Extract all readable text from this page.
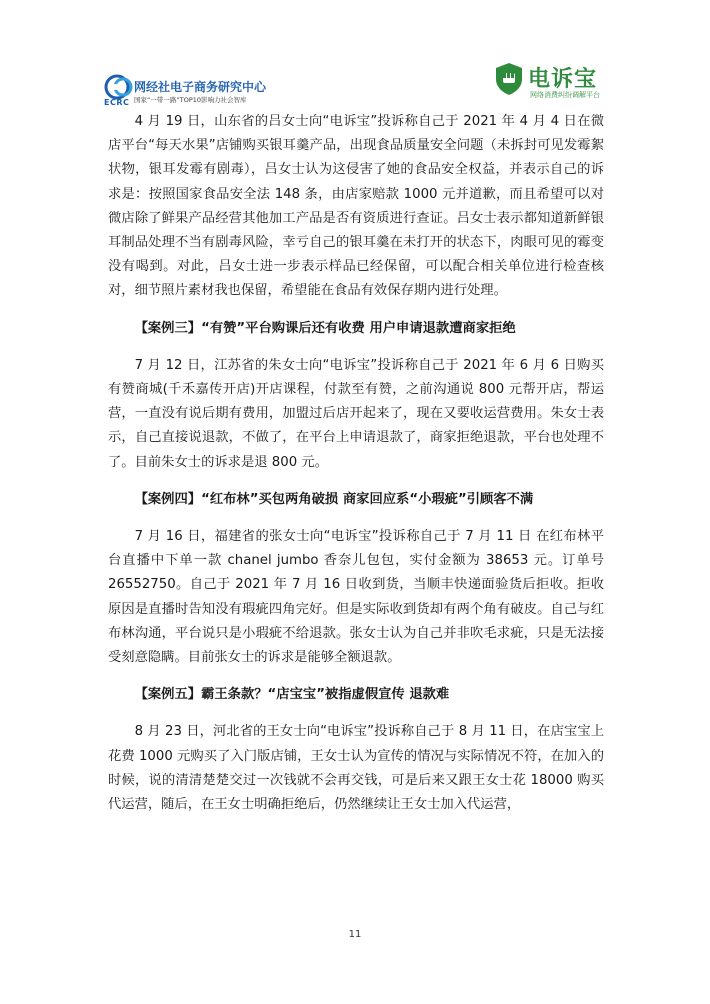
ECRC
网经社电子商务研究中心
国家“一带一路”TOP10影响力社会智库
电诉宝
网络消费纠纷调解平台

4 月 19 日，山东省的吕女士向“电诉宝”投诉称自己于 2021 年 4 月 4 日在微店平台“每天水果”店铺购买银耳羹产品，出现食品质量安全问题（未拆封可见发霉絮状物，银耳发霉有剧毒），吕女士认为这侵害了她的食品安全权益，并表示自己的诉求是：按照国家食品安全法 148 条，由店家赔款 1000 元并道歉，而且希望可以对微店除了鲜果产品经营其他加工产品是否有资质进行查证。吕女士表示都知道新鲜银耳制品处理不当有剧毒风险，幸亏自己的银耳羹在未打开的状态下，肉眼可见的霉变没有喝到。对此，吕女士进一步表示样品已经保留，可以配合相关单位进行检查核对，细节照片素材我也保留，希望能在食品有效保存期内进行处理。

【案例三】“有赞”平台购课后还有收费 用户申请退款遭商家拒绝

7 月 12 日，江苏省的朱女士向“电诉宝”投诉称自己于 2021 年 6 月 6 日购买有赞商城(千禾嘉传开店)开店课程，付款至有赞，之前沟通说 800 元帮开店，帮运营，一直没有说后期有费用，加盟过后店开起来了，现在又要收运营费用。朱女士表示，自己直接说退款，不做了，在平台上申请退款了，商家拒绝退款，平台也处理不了。目前朱女士的诉求是退 800 元。

【案例四】“红布林”买包两角破损 商家回应系“小瑕疵”引顾客不满

7 月 16 日，福建省的张女士向“电诉宝”投诉称自己于 7 月 11 日 在红布林平台直播中下单一款 chanel jumbo 香奈儿包包，实付金额为 38653 元。订单号 26552750。自己于 2021 年 7 月 16 日收到货，当顺丰快递面验货后拒收。拒收原因是直播时告知没有瑕疵四角完好。但是实际收到货却有两个角有破皮。自己与红布林沟通，平台说只是小瑕疵不给退款。张女士认为自己并非吹毛求疵，只是无法接受刻意隐瞒。目前张女士的诉求是能够全额退款。

【案例五】霸王条款？“店宝宝”被指虚假宣传 退款难

8 月 23 日，河北省的王女士向“电诉宝”投诉称自己于 8 月 11 日，在店宝宝上花费 1000 元购买了入门版店铺，王女士认为宣传的情况与实际情况不符，在加入的时候，说的清清楚楚交过一次钱就不会再交钱，可是后来又跟王女士花 18000 购买代运营，随后，在王女士明确拒绝后，仍然继续让王女士加入代运营，

11
